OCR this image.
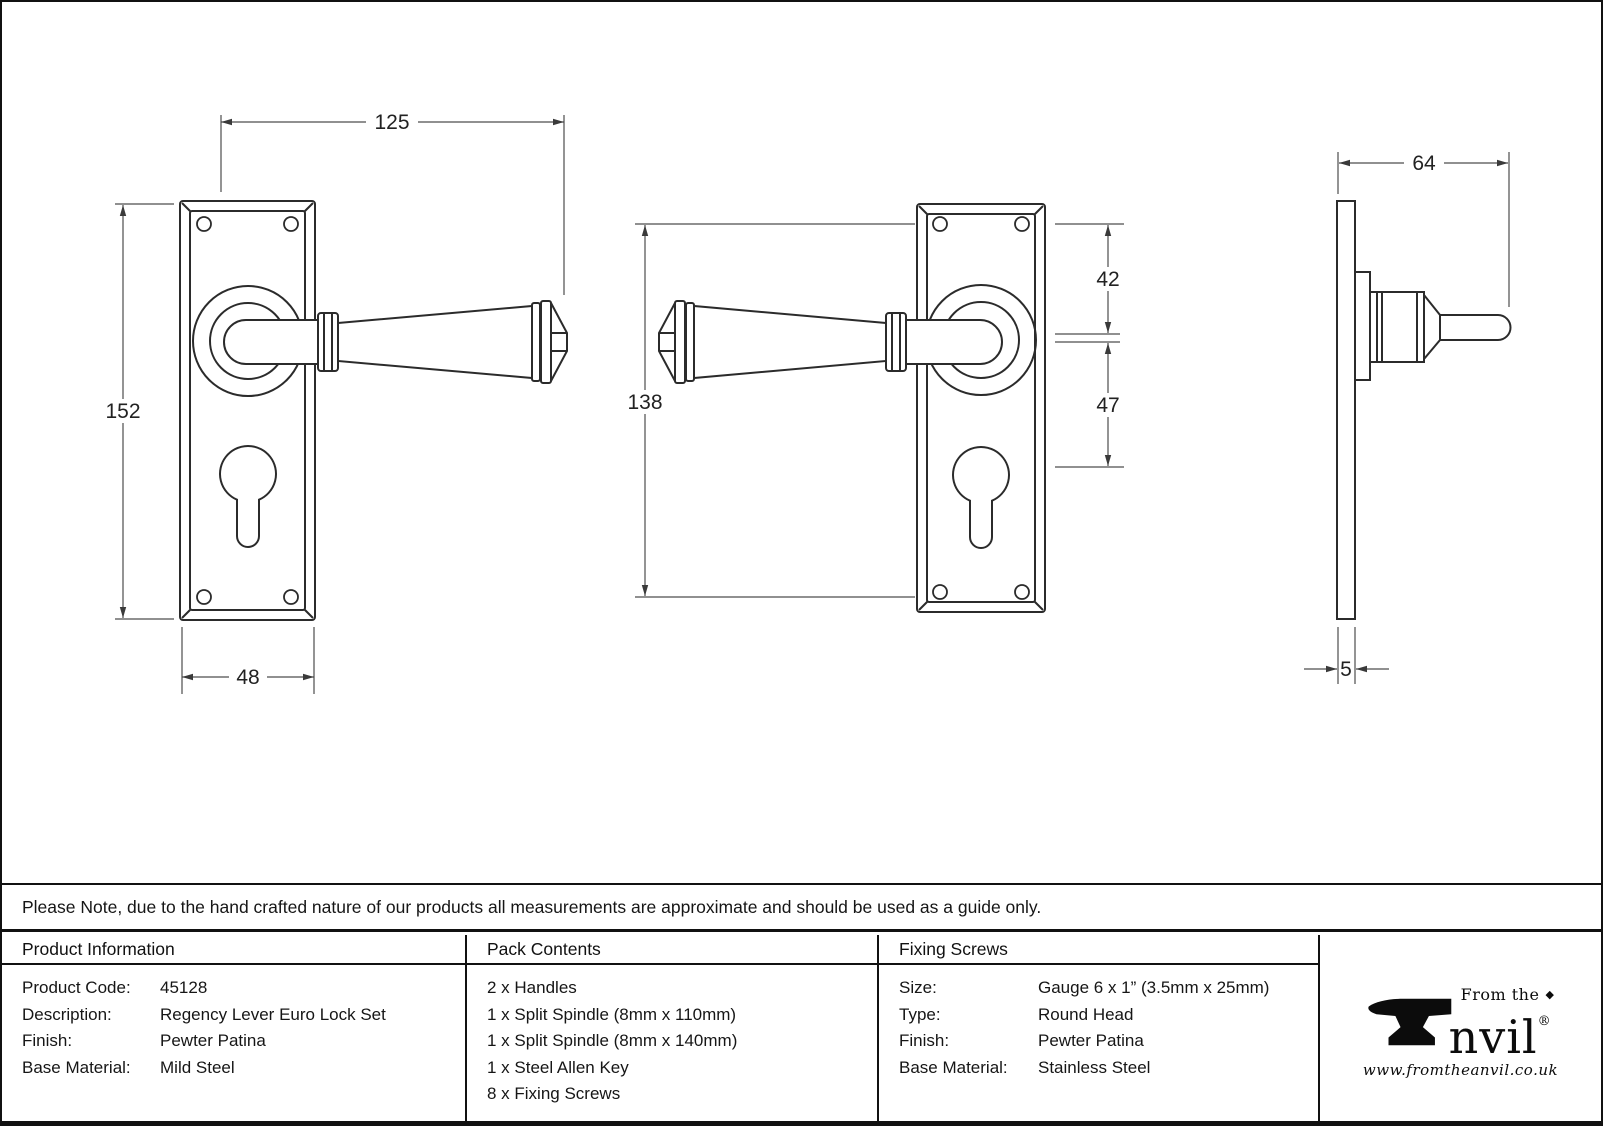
125
152
48
138
42
47
64
5
Please Note, due to the hand crafted nature of our products all measurements are approximate and should be used as a guide only.
Product Information
Product Code:	45128
Description:	Regency Lever Euro Lock Set
Finish:	Pewter Patina
Base Material:	Mild Steel
Pack Contents
2 x Handles
1 x Split Spindle (8mm x 110mm)
1 x Split Spindle (8mm x 140mm)
1 x Steel Allen Key
8 x Fixing Screws
Fixing Screws
Size:	Gauge 6 x 1” (3.5mm x 25mm)
Type:	Round Head
Finish:	Pewter Patina
Base Material:	Stainless Steel
From the ◆
nvil®
www.fromtheanvil.co.uk
